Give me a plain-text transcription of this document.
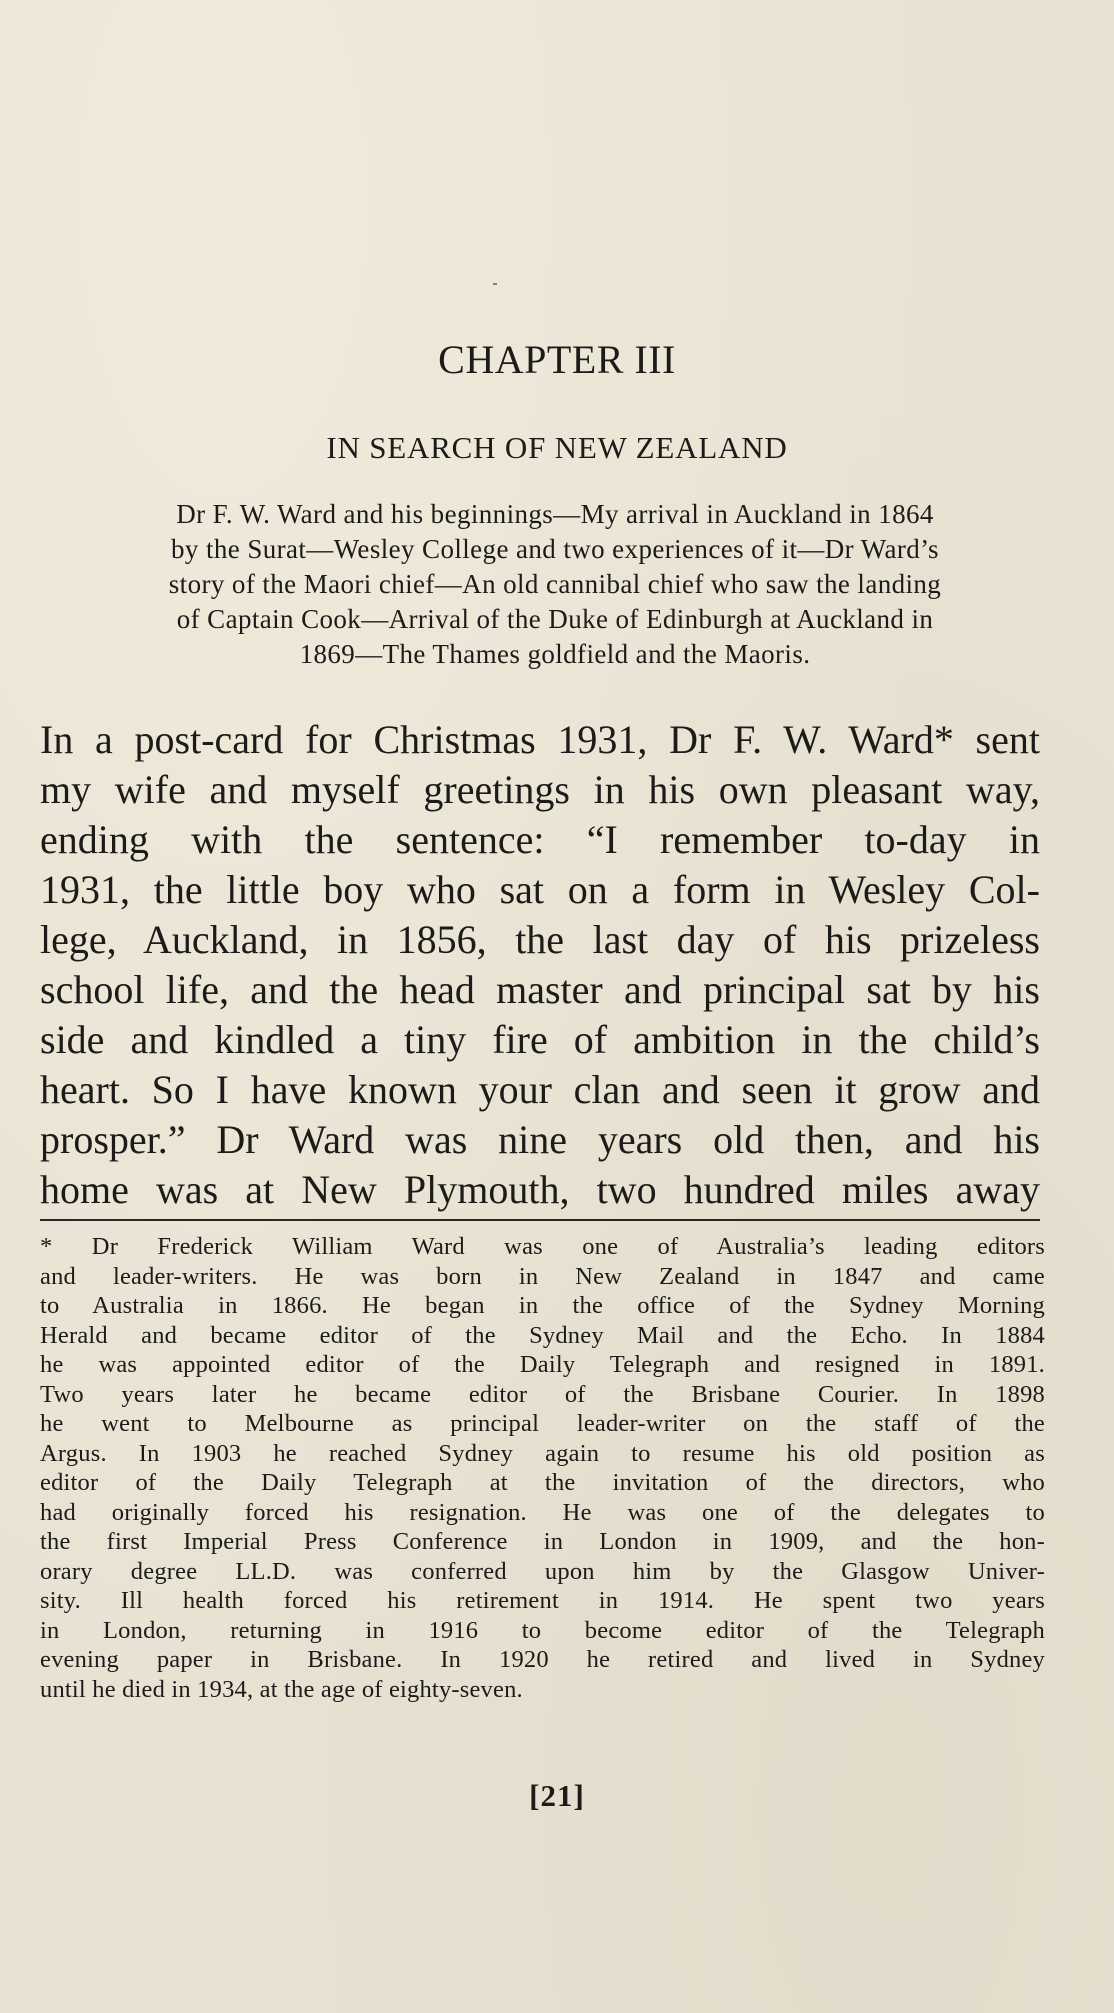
CHAPTER III
IN SEARCH OF NEW ZEALAND
Dr F. W. Ward and his beginnings—My arrival in Auckland in 1864
by the Surat—Wesley College and two experiences of it—Dr Ward’s
story of the Maori chief—An old cannibal chief who saw the landing
of Captain Cook—Arrival of the Duke of Edinburgh at Auckland in
1869—The Thames goldfield and the Maoris.
In a post-card for Christmas 1931, Dr F. W. Ward* sent
my wife and myself greetings in his own pleasant way,
ending with the sentence: “I remember to-day in
1931, the little boy who sat on a form in Wesley Col-
lege, Auckland, in 1856, the last day of his prizeless
school life, and the head master and principal sat by his
side and kindled a tiny fire of ambition in the child’s
heart. So I have known your clan and seen it grow and
prosper.” Dr Ward was nine years old then, and his
home was at New Plymouth, two hundred miles away
* Dr Frederick William Ward was one of Australia’s leading editors
and leader-writers. He was born in New Zealand in 1847 and came
to Australia in 1866. He began in the office of the Sydney Morning
Herald and became editor of the Sydney Mail and the Echo. In 1884
he was appointed editor of the Daily Telegraph and resigned in 1891.
Two years later he became editor of the Brisbane Courier. In 1898
he went to Melbourne as principal leader-writer on the staff of the
Argus. In 1903 he reached Sydney again to resume his old position as
editor of the Daily Telegraph at the invitation of the directors, who
had originally forced his resignation. He was one of the delegates to
the first Imperial Press Conference in London in 1909, and the hon-
orary degree LL.D. was conferred upon him by the Glasgow Univer-
sity. Ill health forced his retirement in 1914. He spent two years
in London, returning in 1916 to become editor of the Telegraph
evening paper in Brisbane. In 1920 he retired and lived in Sydney
until he died in 1934, at the age of eighty-seven.
[21]
